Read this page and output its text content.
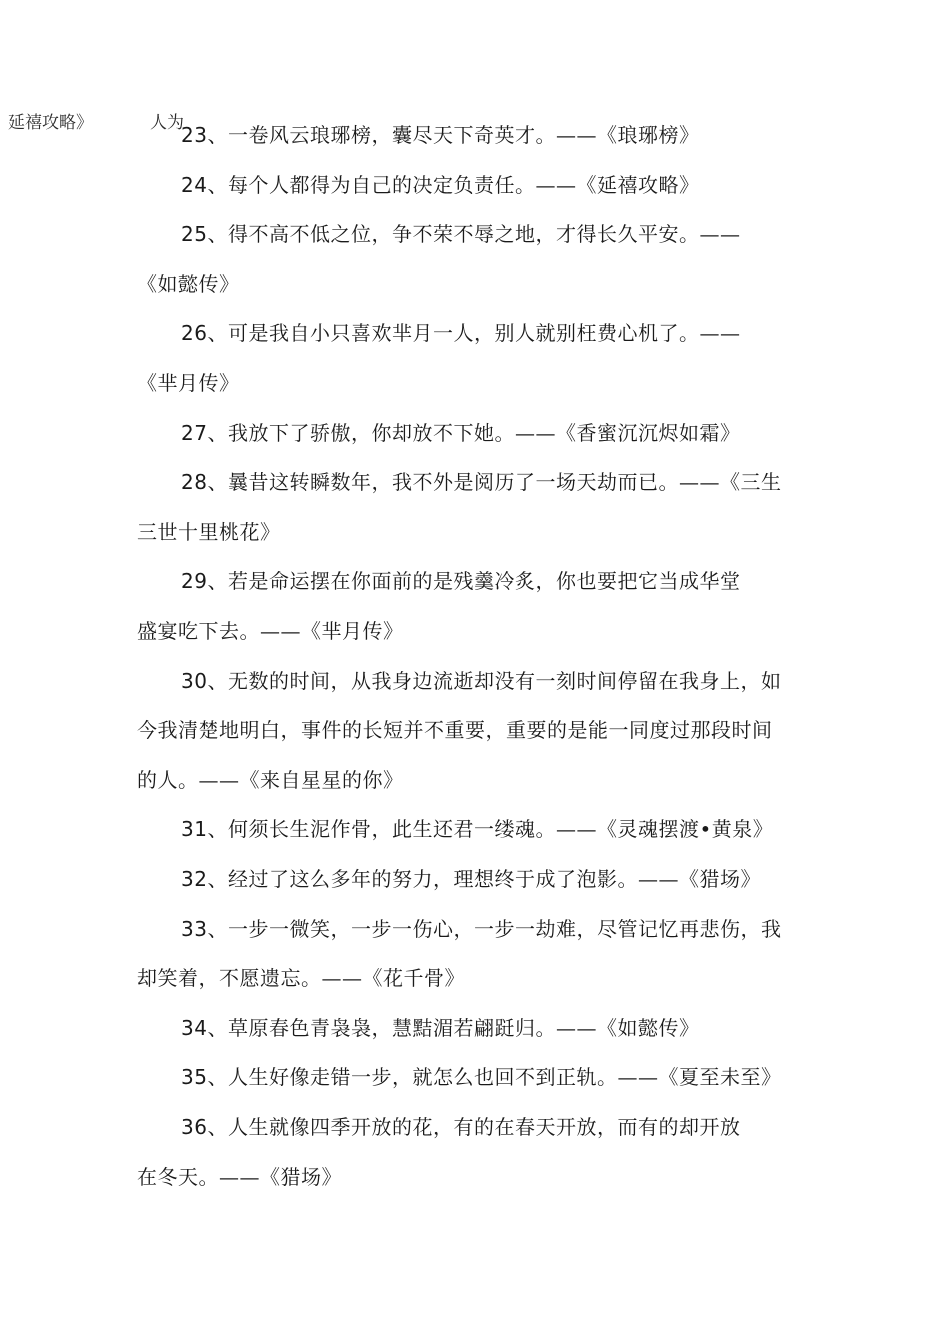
延禧攻略》	人为
23、一卷风云琅琊榜，囊尽天下奇英才。——《琅琊榜》
24、每个人都得为自己的决定负责任。——《延禧攻略》
25、得不高不低之位，争不荣不辱之地，才得长久平安。——
《如懿传》
26、可是我自小只喜欢芈月一人，别人就别枉费心机了。——
《芈月传》
27、我放下了骄傲，你却放不下她。——《香蜜沉沉烬如霜》
28、曩昔这转瞬数年，我不外是阅历了一场天劫而已。——《三生
三世十里桃花》
29、若是命运摆在你面前的是残羹冷炙，你也要把它当成华堂
盛宴吃下去。——《芈月传》
30、无数的时间，从我身边流逝却没有一刻时间停留在我身上，如
今我清楚地明白，事件的长短并不重要，重要的是能一同度过那段时间
的人。——《来自星星的你》
31、何须长生泥作骨，此生还君一缕魂。——《灵魂摆渡•黄泉》
32、经过了这么多年的努力，理想终于成了泡影。——《猎场》
33、一步一微笑，一步一伤心，一步一劫难，尽管记忆再悲伤，我
却笑着，不愿遗忘。——《花千骨》
34、草原春色青袅袅，慧黠湄若翩跹归。——《如懿传》
35、人生好像走错一步，就怎么也回不到正轨。——《夏至未至》
36、人生就像四季开放的花，有的在春天开放，而有的却开放
在冬天。——《猎场》
